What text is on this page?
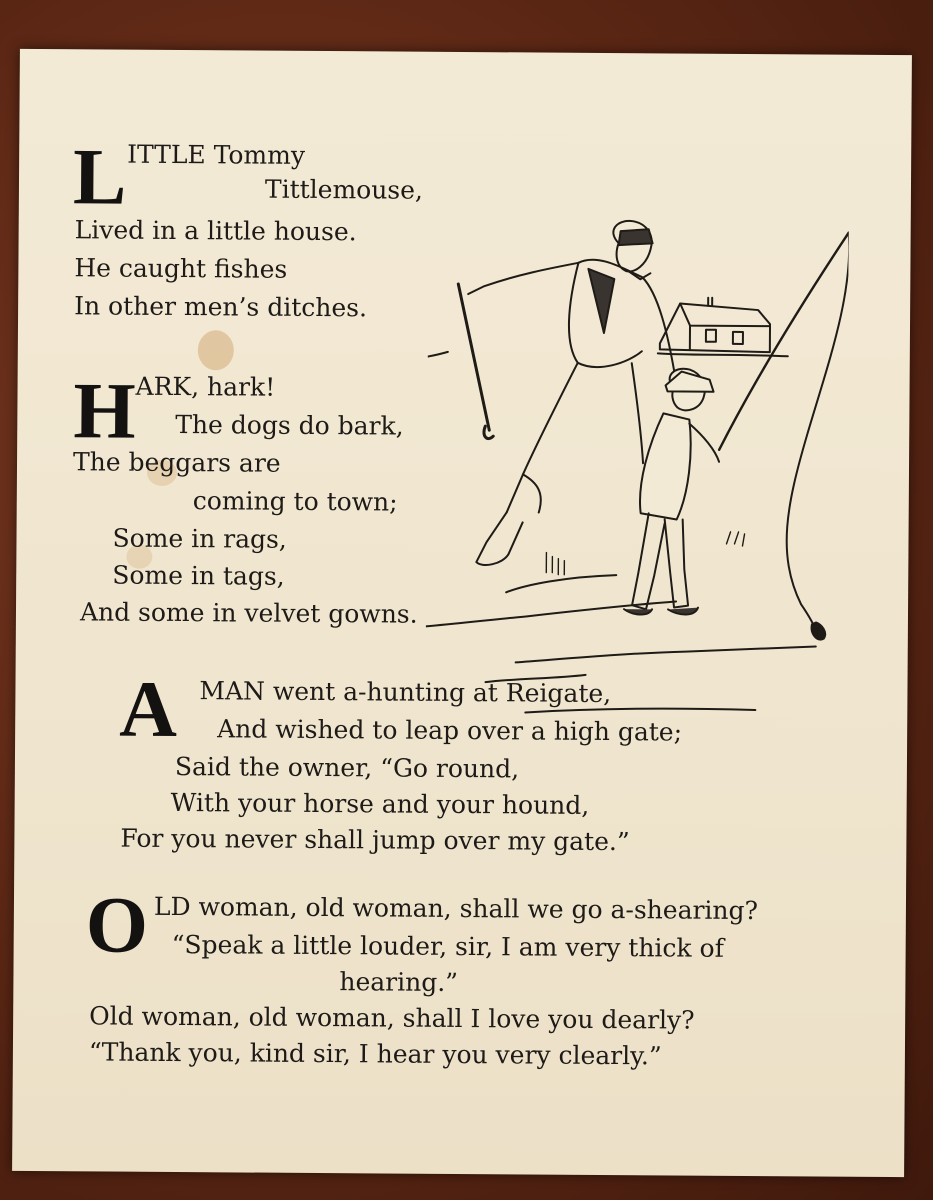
L ITTLE Tommy
Tittlemouse,
Lived in a little house.
He caught fishes
In other men’s ditches.
H ARK, hark!
The dogs do bark,
The beggars are
coming to town;
Some in rags,
Some in tags,
And some in velvet gowns.
A MAN went a-hunting at Reigate,
And wished to leap over a high gate;
Said the owner, “Go round,
With your horse and your hound,
For you never shall jump over my gate.”
O LD woman, old woman, shall we go a-shearing?
“Speak a little louder, sir, I am very thick of
hearing.”
Old woman, old woman, shall I love you dearly?
“Thank you, kind sir, I hear you very clearly.”
